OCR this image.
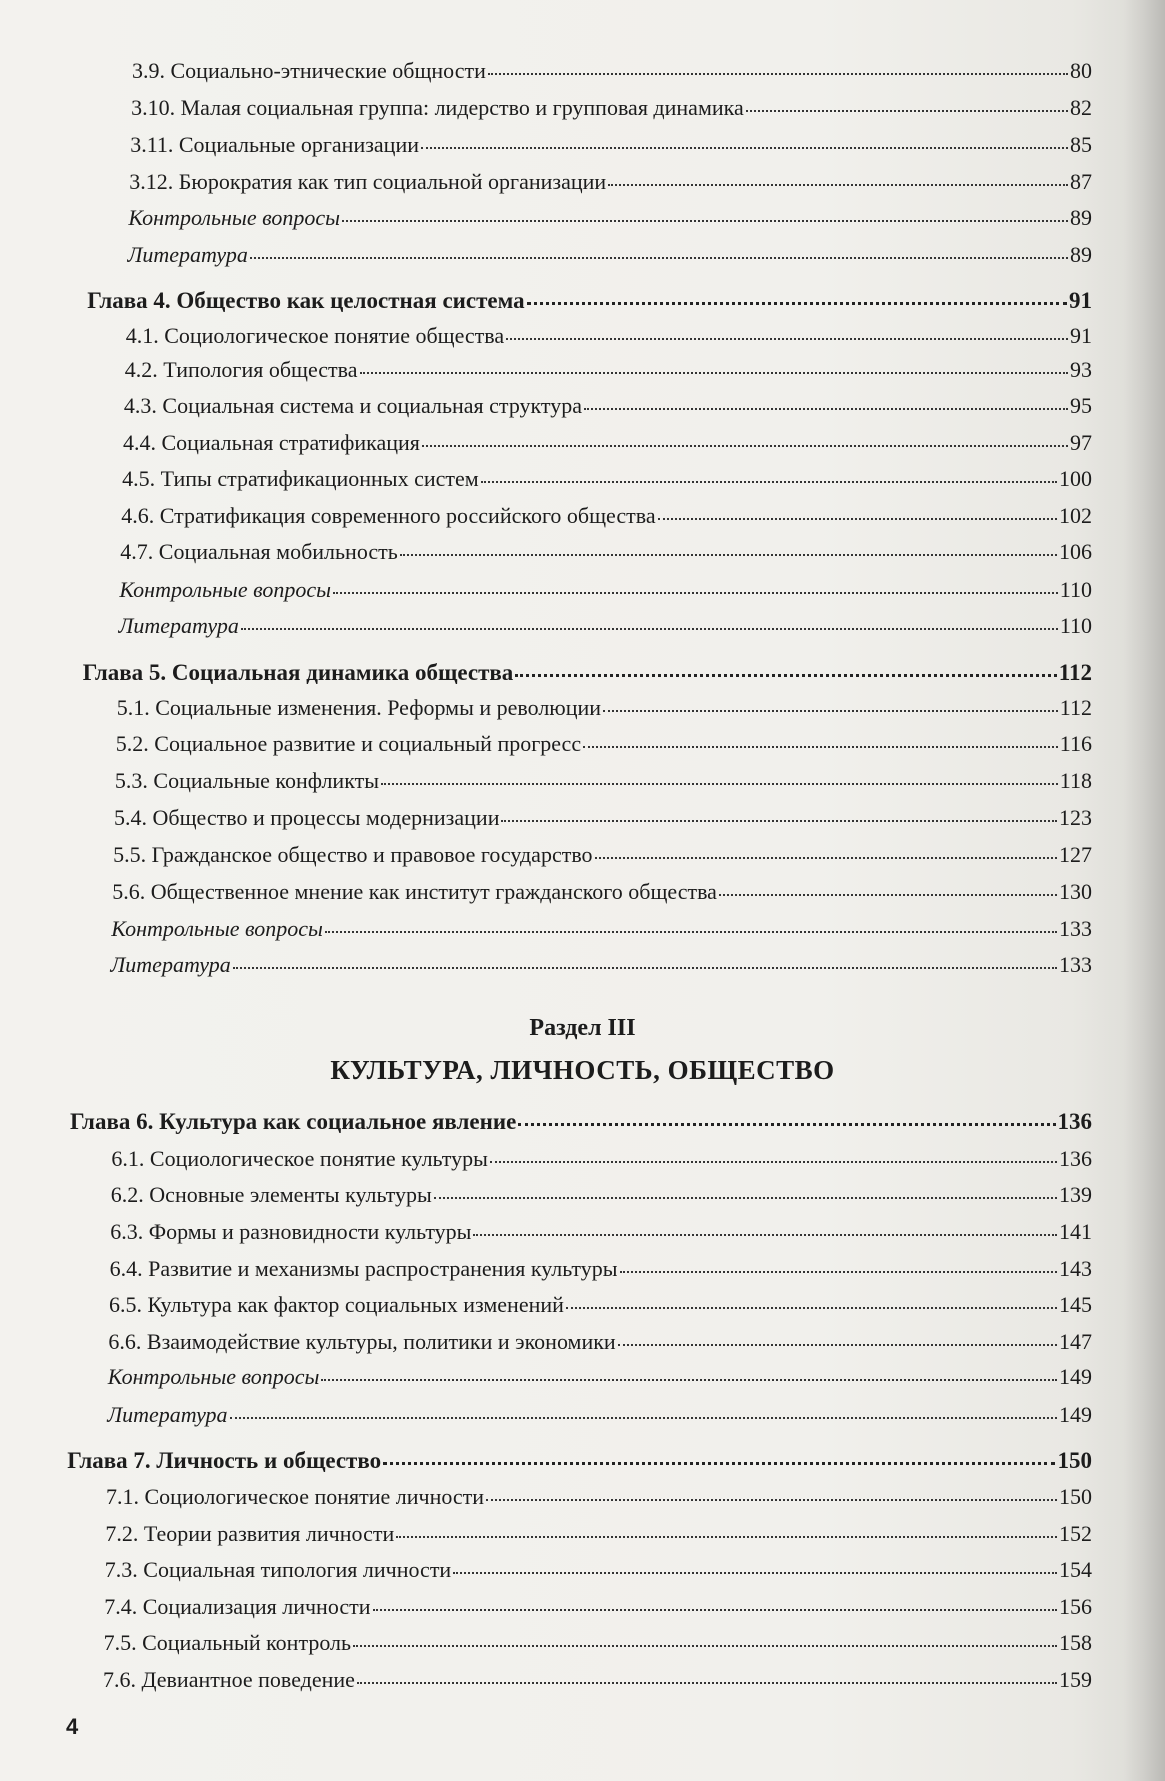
3.9. Социально-этнические общности	80
3.10. Малая социальная группа: лидерство и групповая динамика	82
3.11. Социальные организации	85
3.12. Бюрократия как тип социальной организации	87
Контрольные вопросы	89
Литература	89
Глава 4. Общество как целостная система	91
4.1. Социологическое понятие общества	91
4.2. Типология общества	93
4.3. Социальная система и социальная структура	95
4.4. Социальная стратификация	97
4.5. Типы стратификационных систем	100
4.6. Стратификация современного российского общества	102
4.7. Социальная мобильность	106
Контрольные вопросы	110
Литература	110
Глава 5. Социальная динамика общества	112
5.1. Социальные изменения. Реформы и революции	112
5.2. Социальное развитие и социальный прогресс	116
5.3. Социальные конфликты	118
5.4. Общество и процессы модернизации	123
5.5. Гражданское общество и правовое государство	127
5.6. Общественное мнение как институт гражданского общества	130
Контрольные вопросы	133
Литература	133
Глава 6. Культура как социальное явление	136
6.1. Социологическое понятие культуры	136
6.2. Основные элементы культуры	139
6.3. Формы и разновидности культуры	141
6.4. Развитие и механизмы распространения культуры	143
6.5. Культура как фактор социальных изменений	145
6.6. Взаимодействие культуры, политики и экономики	147
Контрольные вопросы	149
Литература	149
Глава 7. Личность и общество	150
7.1. Социологическое понятие личности	150
7.2. Теории развития личности	152
7.3. Социальная типология личности	154
7.4. Социализация личности	156
7.5. Социальный контроль	158
7.6. Девиантное поведение	159
Раздел III
КУЛЬТУРА, ЛИЧНОСТЬ, ОБЩЕСТВО
4
